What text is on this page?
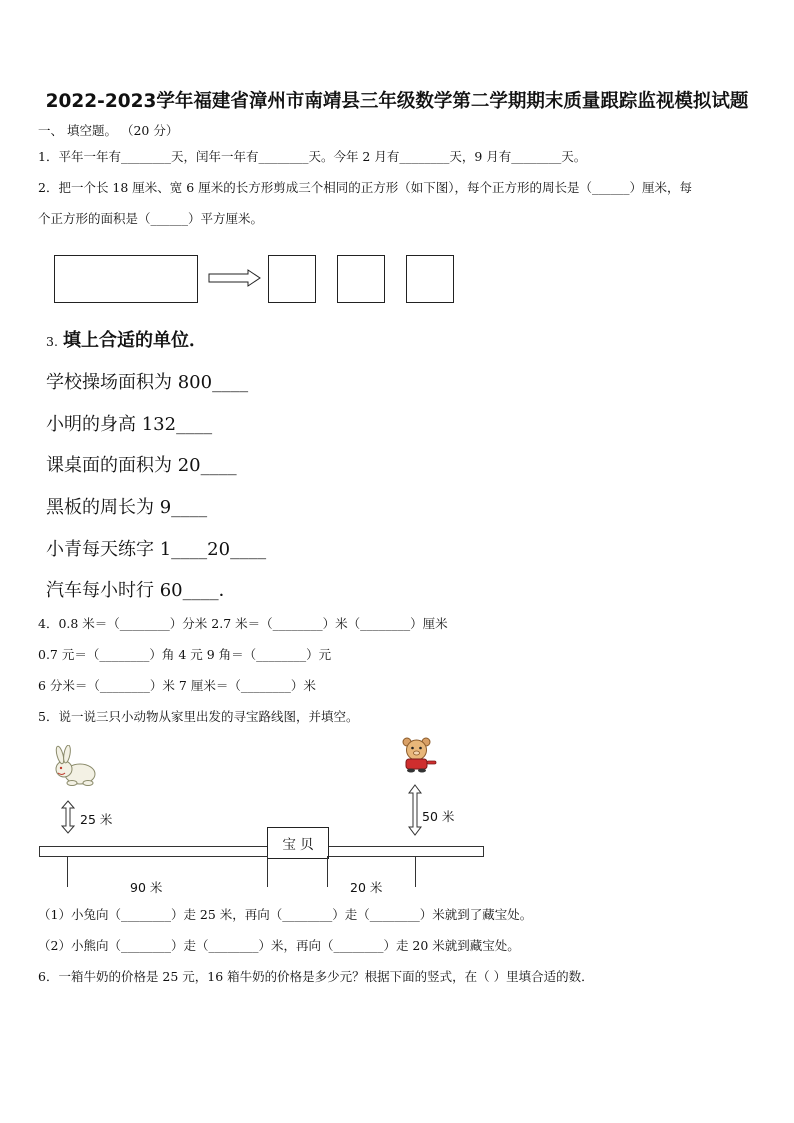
2022-2023学年福建省漳州市南靖县三年级数学第二学期期末质量跟踪监视模拟试题
一、 填空题。 （20 分）
1．平年一年有________天，闰年一年有________天。今年 2 月有________天，9 月有________天。
2．把一个长 18 厘米、宽 6 厘米的长方形剪成三个相同的正方形（如下图），每个正方形的周长是（______）厘米，每
个正方形的面积是（______）平方厘米。
3. 填上合适的单位．
学校操场面积为 800____
小明的身高 132____
课桌面的面积为 20____
黑板的周长为 9____
小青每天练字 1____20____
汽车每小时行 60____．
4．0.8 米＝（________）分米 2.7 米＝（________）米（________）厘米
0.7 元＝（________）角 4 元 9 角＝（________）元
6 分米＝（________）米 7 厘米＝（________）米
5．说一说三只小动物从家里出发的寻宝路线图，并填空。
25 米	50 米
宝 贝
90 米	20 米
（1）小兔向（________）走 25 米，再向（________）走（________）米就到了藏宝处。
（2）小熊向（________）走（________）米，再向（________）走 20 米就到藏宝处。
6．一箱牛奶的价格是 25 元，16 箱牛奶的价格是多少元？根据下面的竖式，在（ ）里填合适的数．
